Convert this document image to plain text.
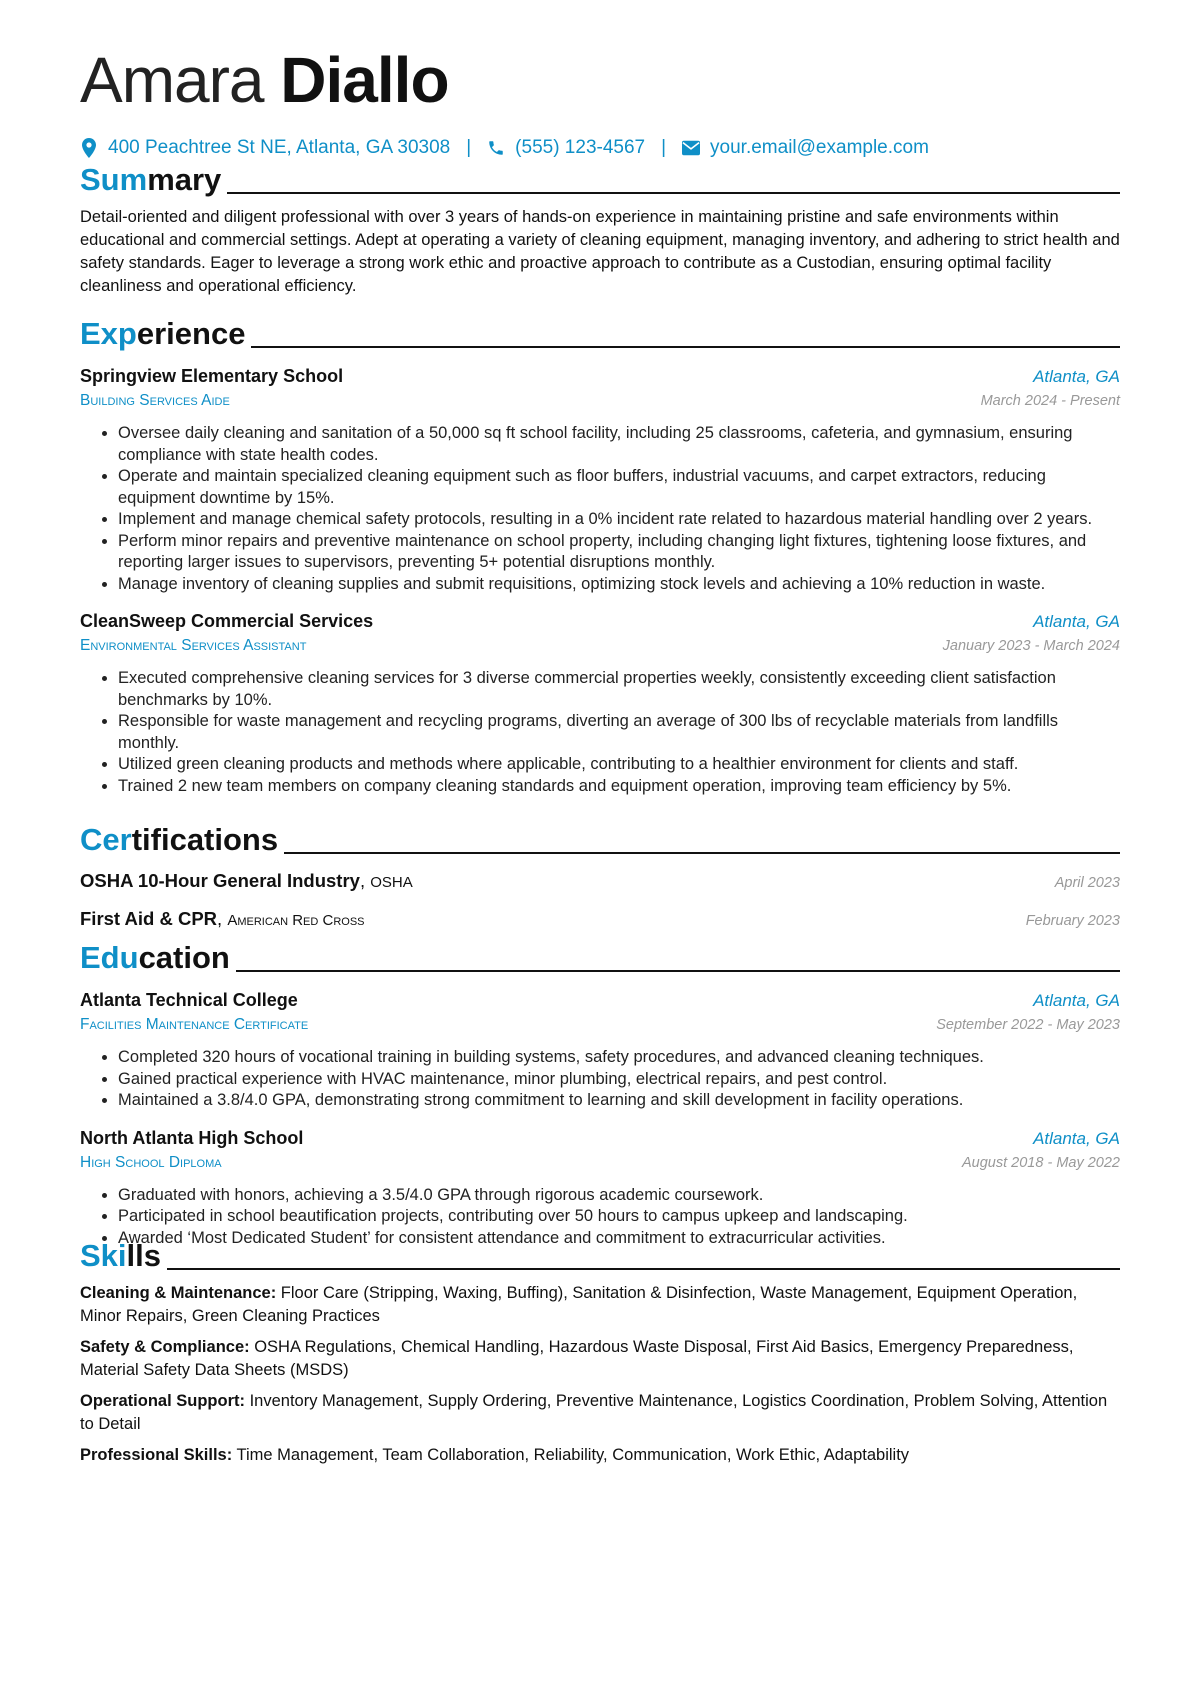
Amara Diallo
400 Peachtree St NE, Atlanta, GA 30308 | (555) 123-4567 | your.email@example.com
Summary
Detail-oriented and diligent professional with over 3 years of hands-on experience in maintaining pristine and safe environments within educational and commercial settings. Adept at operating a variety of cleaning equipment, managing inventory, and adhering to strict health and safety standards. Eager to leverage a strong work ethic and proactive approach to contribute as a Custodian, ensuring optimal facility cleanliness and operational efficiency.
Experience
Springview Elementary School	Atlanta, GA
Building Services Aide	March 2024 - Present
• Oversee daily cleaning and sanitation of a 50,000 sq ft school facility, including 25 classrooms, cafeteria, and gymnasium, ensuring compliance with state health codes.
• Operate and maintain specialized cleaning equipment such as floor buffers, industrial vacuums, and carpet extractors, reducing equipment downtime by 15%.
• Implement and manage chemical safety protocols, resulting in a 0% incident rate related to hazardous material handling over 2 years.
• Perform minor repairs and preventive maintenance on school property, including changing light fixtures, tightening loose fixtures, and reporting larger issues to supervisors, preventing 5+ potential disruptions monthly.
• Manage inventory of cleaning supplies and submit requisitions, optimizing stock levels and achieving a 10% reduction in waste.
CleanSweep Commercial Services	Atlanta, GA
Environmental Services Assistant	January 2023 - March 2024
• Executed comprehensive cleaning services for 3 diverse commercial properties weekly, consistently exceeding client satisfaction benchmarks by 10%.
• Responsible for waste management and recycling programs, diverting an average of 300 lbs of recyclable materials from landfills monthly.
• Utilized green cleaning products and methods where applicable, contributing to a healthier environment for clients and staff.
• Trained 2 new team members on company cleaning standards and equipment operation, improving team efficiency by 5%.
Certifications
OSHA 10-Hour General Industry, OSHA	April 2023
First Aid & CPR, American Red Cross	February 2023
Education
Atlanta Technical College	Atlanta, GA
Facilities Maintenance Certificate	September 2022 - May 2023
• Completed 320 hours of vocational training in building systems, safety procedures, and advanced cleaning techniques.
• Gained practical experience with HVAC maintenance, minor plumbing, electrical repairs, and pest control.
• Maintained a 3.8/4.0 GPA, demonstrating strong commitment to learning and skill development in facility operations.
North Atlanta High School	Atlanta, GA
High School Diploma	August 2018 - May 2022
• Graduated with honors, achieving a 3.5/4.0 GPA through rigorous academic coursework.
• Participated in school beautification projects, contributing over 50 hours to campus upkeep and landscaping.
• Awarded ‘Most Dedicated Student’ for consistent attendance and commitment to extracurricular activities.
Skills
Cleaning & Maintenance: Floor Care (Stripping, Waxing, Buffing), Sanitation & Disinfection, Waste Management, Equipment Operation, Minor Repairs, Green Cleaning Practices
Safety & Compliance: OSHA Regulations, Chemical Handling, Hazardous Waste Disposal, First Aid Basics, Emergency Preparedness, Material Safety Data Sheets (MSDS)
Operational Support: Inventory Management, Supply Ordering, Preventive Maintenance, Logistics Coordination, Problem Solving, Attention to Detail
Professional Skills: Time Management, Team Collaboration, Reliability, Communication, Work Ethic, Adaptability
